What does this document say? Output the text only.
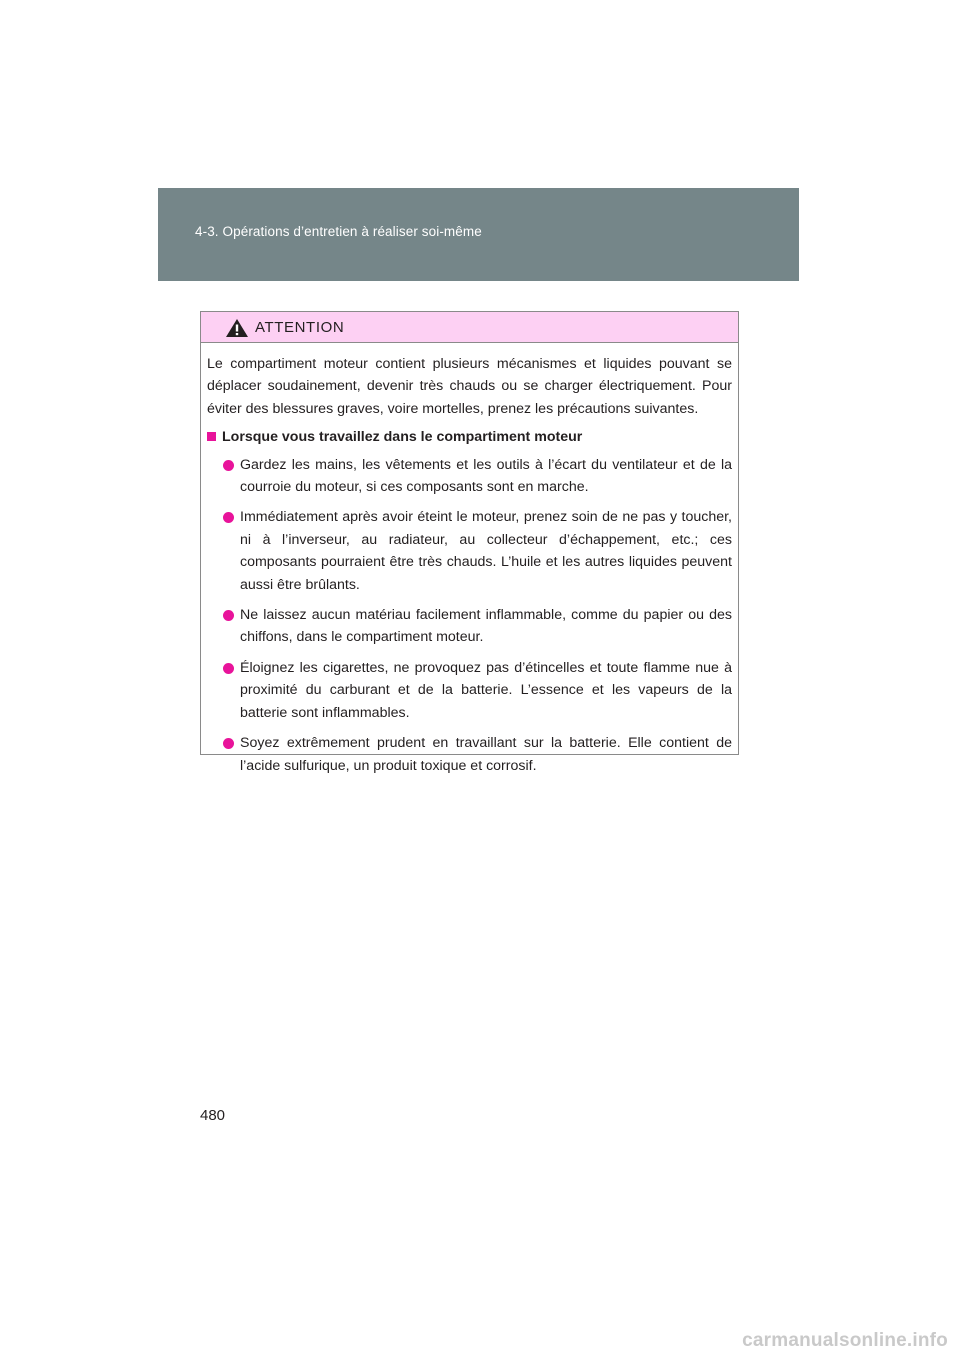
4-3. Opérations d’entretien à réaliser soi-même
ATTENTION

Le compartiment moteur contient plusieurs mécanismes et liquides pouvant se déplacer soudainement, devenir très chauds ou se charger électriquement. Pour éviter des blessures graves, voire mortelles, prenez les précautions suivantes.

Lorsque vous travaillez dans le compartiment moteur
Gardez les mains, les vêtements et les outils à l’écart du ventilateur et de la courroie du moteur, si ces composants sont en marche.
Immédiatement après avoir éteint le moteur, prenez soin de ne pas y toucher, ni à l’inverseur, au radiateur, au collecteur d’échappement, etc.; ces composants pourraient être très chauds. L’huile et les autres liquides peuvent aussi être brûlants.
Ne laissez aucun matériau facilement inflammable, comme du papier ou des chiffons, dans le compartiment moteur.
Éloignez les cigarettes, ne provoquez pas d’étincelles et toute flamme nue à proximité du carburant et de la batterie. L’essence et les vapeurs de la batterie sont inflammables.
Soyez extrêmement prudent en travaillant sur la batterie. Elle contient de l’acide sulfurique, un produit toxique et corrosif.
480
carmanualsonline.info
